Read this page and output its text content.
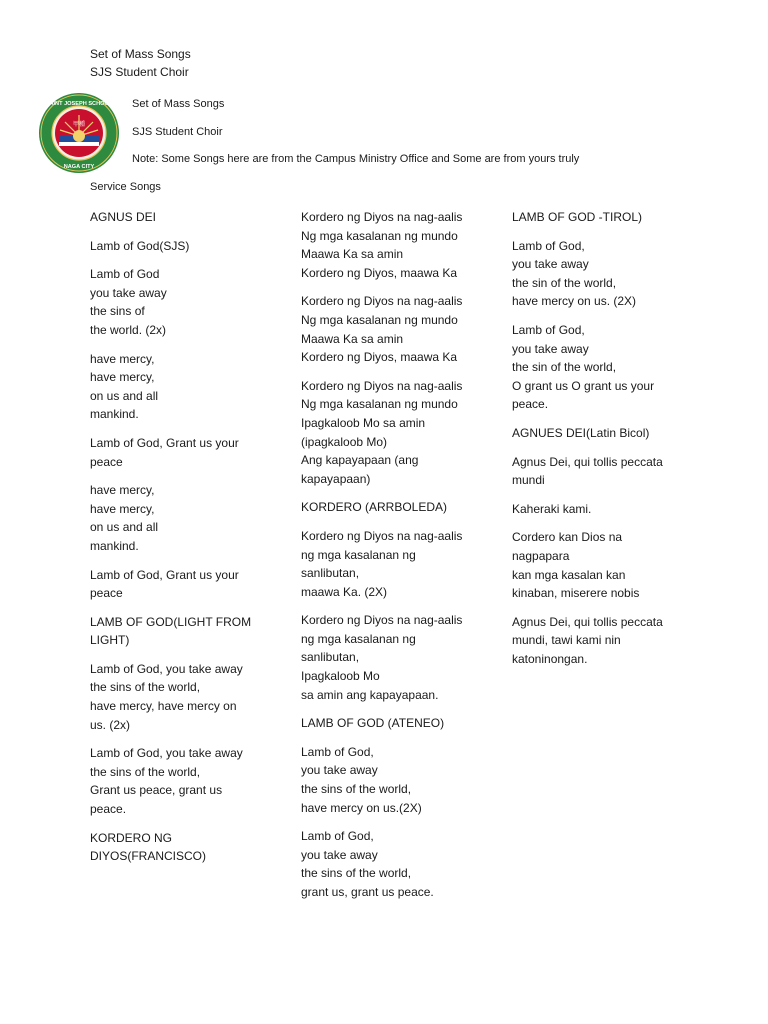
Set of Mass Songs
SJS Student Choir
甲種
SAINT JOSEPH SCHOOL
NAGA CITY
Set of Mass Songs
SJS Student Choir
Note: Some Songs here are from the Campus Ministry Office and Some are from yours truly
Service Songs

AGNUS DEI

Lamb of God(SJS)

Lamb of God
you take away
the sins of
the world. (2x)

have mercy,
have mercy,
on us and all
mankind.

Lamb of God, Grant us your
peace

have mercy,
have mercy,
on us and all
mankind.

Lamb of God, Grant us your
peace

LAMB OF GOD(LIGHT FROM
LIGHT)

Lamb of God, you take away
the sins of the world,
have mercy, have mercy on
us. (2x)

Lamb of God, you take away
the sins of the world,
Grant us peace, grant us
peace.

KORDERO NG
DIYOS(FRANCISCO)

Kordero ng Diyos na nag-aalis
Ng mga kasalanan ng mundo
Maawa Ka sa amin
Kordero ng Diyos, maawa Ka

Kordero ng Diyos na nag-aalis
Ng mga kasalanan ng mundo
Maawa Ka sa amin
Kordero ng Diyos, maawa Ka

Kordero ng Diyos na nag-aalis
Ng mga kasalanan ng mundo
Ipagkaloob Mo sa amin
(ipagkaloob Mo)
Ang kapayapaan (ang
kapayapaan)

KORDERO (ARRBOLEDA)

Kordero ng Diyos na nag-aalis
ng mga kasalanan ng
sanlibutan,
maawa Ka. (2X)

Kordero ng Diyos na nag-aalis
ng mga kasalanan ng
sanlibutan,
Ipagkaloob Mo
sa amin ang kapayapaan.

LAMB OF GOD (ATENEO)

Lamb of God,
you take away
the sins of the world,
have mercy on us.(2X)

Lamb of God,
you take away
the sins of the world,
grant us, grant us peace.

LAMB OF GOD -TIROL)

Lamb of God,
you take away
the sin of the world,
have mercy on us. (2X)

Lamb of God,
you take away
the sin of the world,
O grant us O grant us your
peace.

AGNUES DEI(Latin Bicol)

Agnus Dei, qui tollis peccata
mundi

Kaheraki kami.

Cordero kan Dios na
nagpapara
kan mga kasalan kan
kinaban, miserere nobis

Agnus Dei, qui tollis peccata
mundi, tawi kami nin
katoninongan.
